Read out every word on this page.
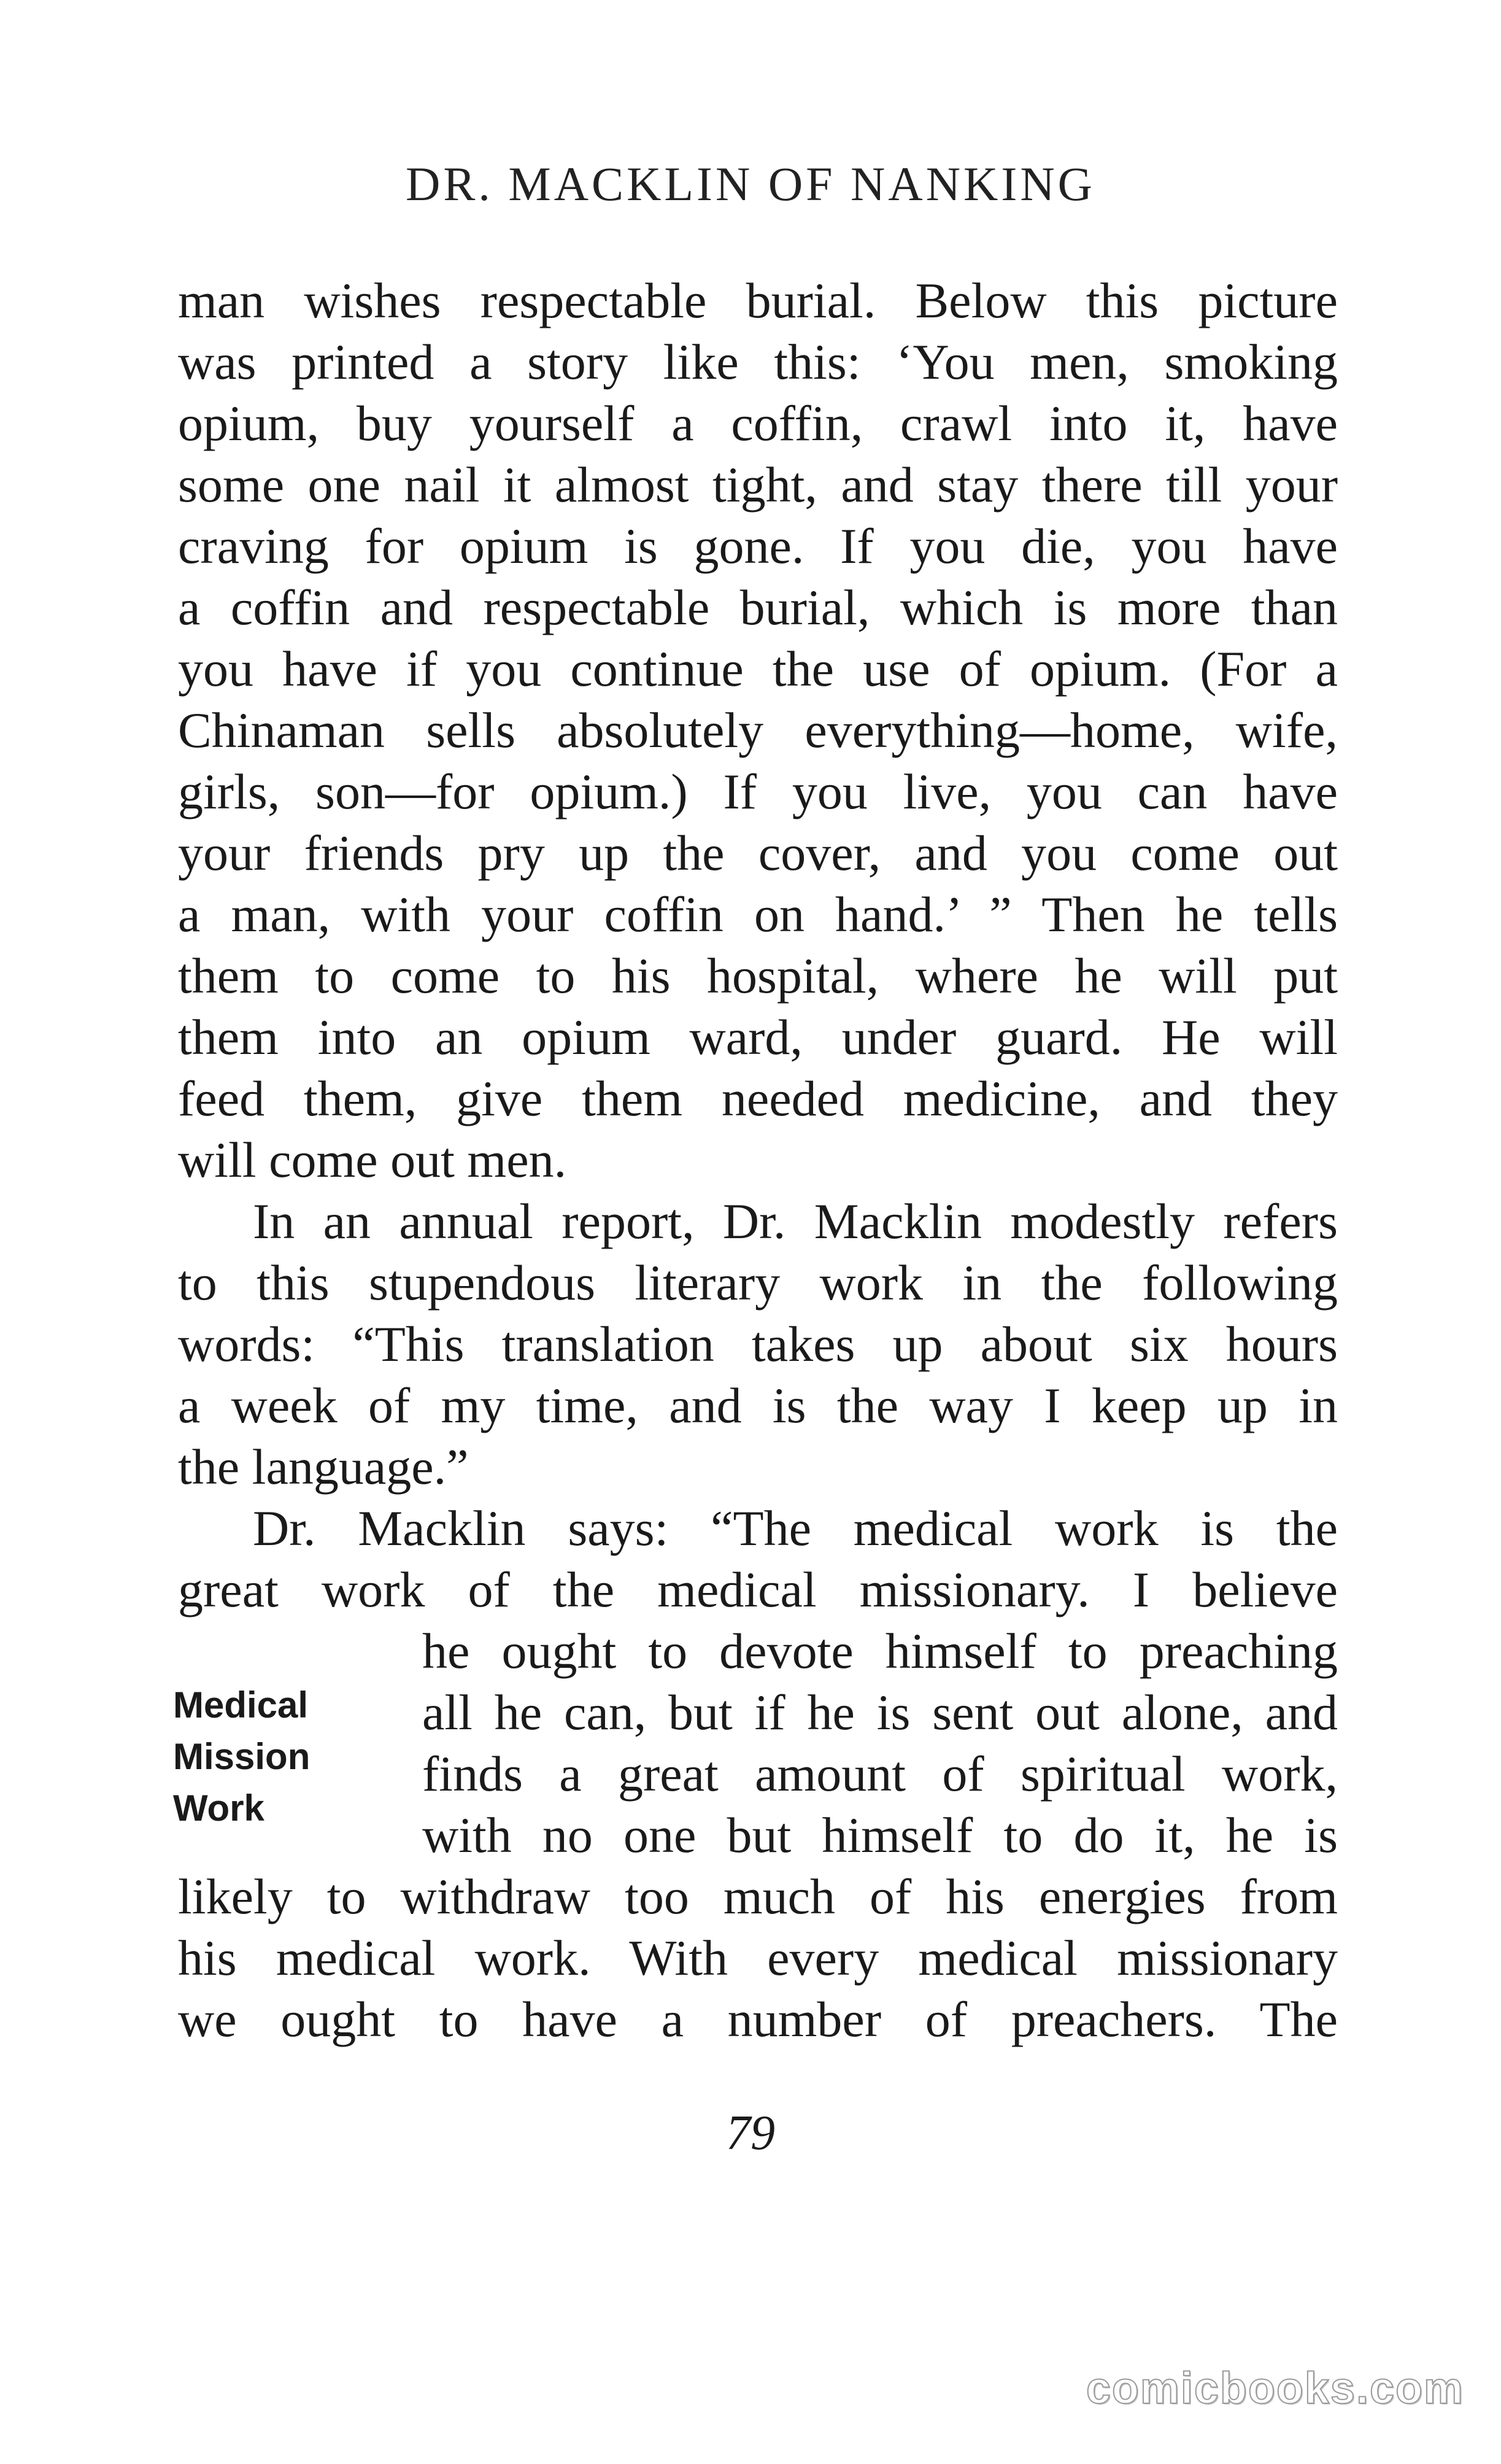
DR. MACKLIN OF NANKING
man wishes respectable burial. Below this picture
was printed a story like this: ‘You men, smoking
opium, buy yourself a coffin, crawl into it, have
some one nail it almost tight, and stay there till your
craving for opium is gone. If you die, you have
a coffin and respectable burial, which is more than
you have if you continue the use of opium. (For a
Chinaman sells absolutely everything—home, wife,
girls, son—for opium.) If you live, you can have
your friends pry up the cover, and you come out
a man, with your coffin on hand.’ ” Then he tells
them to come to his hospital, where he will put
them into an opium ward, under guard. He will
feed them, give them needed medicine, and they
will come out men.
In an annual report, Dr. Macklin modestly refers
to this stupendous literary work in the following
words: “This translation takes up about six hours
a week of my time, and is the way I keep up in
the language.”
Dr. Macklin says: “The medical work is the
great work of the medical missionary. I believe
he ought to devote himself to preaching
all he can, but if he is sent out alone, and
finds a great amount of spiritual work,
with no one but himself to do it, he is
likely to withdraw too much of his energies from
his medical work. With every medical missionary
we ought to have a number of preachers. The
Medical
Mission
Work
79
comicbooks.com
